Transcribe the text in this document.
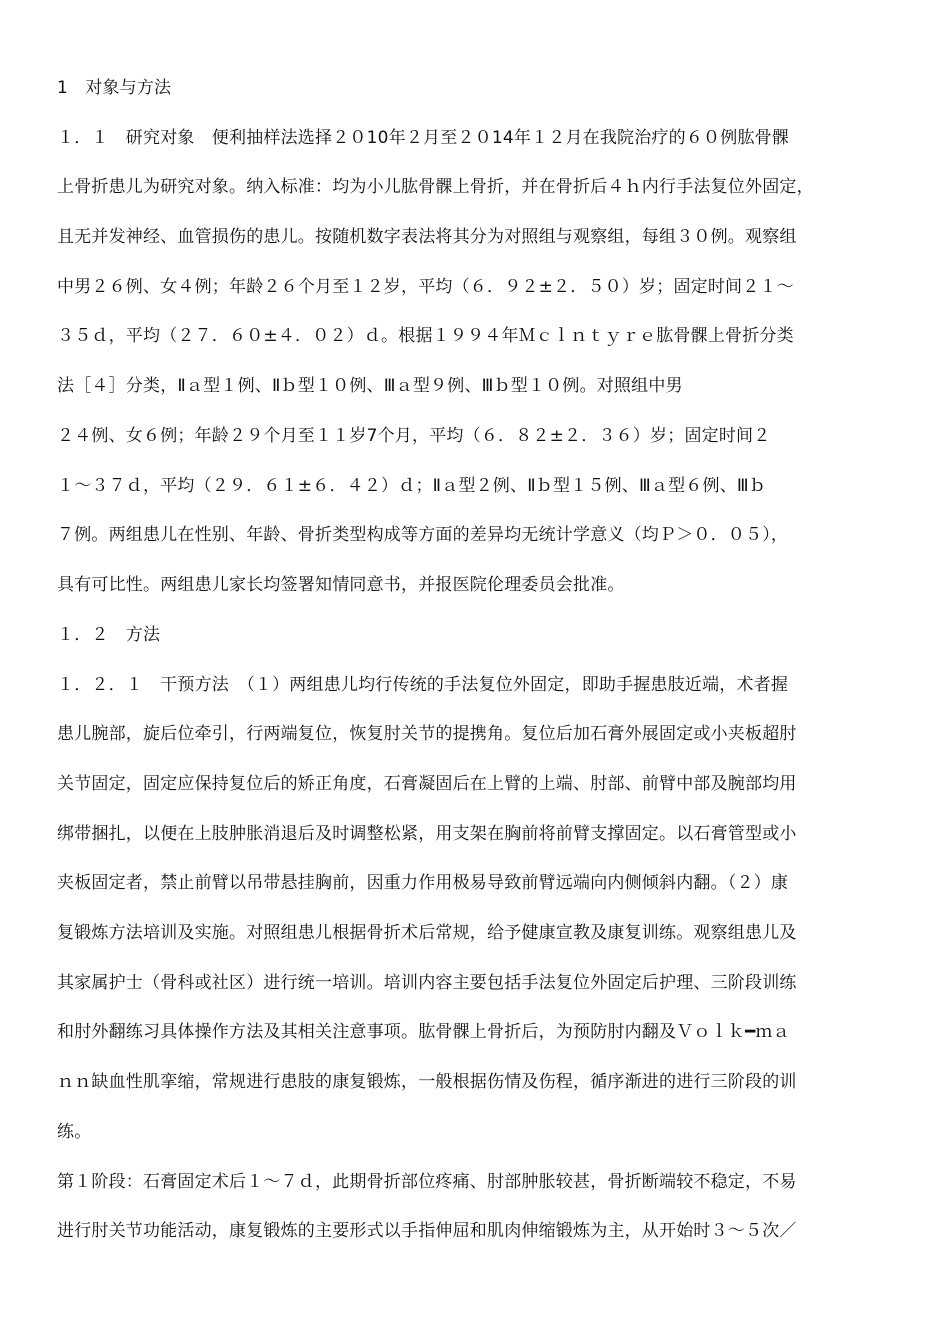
1　对象与方法
１．１　研究对象　便利抽样法选择２０10年２月至２０14年１２月在我院治疗的６０例肱骨髁
上骨折患儿为研究对象。纳入标准：均为小儿肱骨髁上骨折，并在骨折后４ｈ内行手法复位外固定，
且无并发神经、血管损伤的患儿。按随机数字表法将其分为对照组与观察组，每组３０例。观察组
中男２６例、女４例；年龄２６个月至１２岁，平均（６．９２±２．５０）岁；固定时间２１～
３５ｄ，平均（２７．６０±４．０２）ｄ。根据１９９４年Ｍｃｌｎｔｙｒｅ肱骨髁上骨折分类
法［４］分类，Ⅱａ型１例、Ⅱｂ型１０例、Ⅲａ型９例、Ⅲｂ型１０例。对照组中男
２４例、女６例；年龄２９个月至１１岁7个月，平均（６．８２±２．３６）岁；固定时间２
１～３７ｄ，平均（２９．６１±６．４２）ｄ；Ⅱａ型２例、Ⅱｂ型１５例、Ⅲａ型６例、Ⅲｂ
７例。两组患儿在性别、年龄、骨折类型构成等方面的差异均无统计学意义（均Ｐ＞０．０５），
具有可比性。两组患儿家长均签署知情同意书，并报医院伦理委员会批准。
１．２　方法
１．２．１　干预方法　（１）两组患儿均行传统的手法复位外固定，即助手握患肢近端，术者握
患儿腕部，旋后位牵引，行两端复位，恢复肘关节的提携角。复位后加石膏外展固定或小夹板超肘
关节固定，固定应保持复位后的矫正角度，石膏凝固后在上臂的上端、肘部、前臂中部及腕部均用
绑带捆扎，以便在上肢肿胀消退后及时调整松紧，用支架在胸前将前臂支撑固定。以石膏管型或小
夹板固定者，禁止前臂以吊带悬挂胸前，因重力作用极易导致前臂远端向内侧倾斜内翻。（２）康
复锻炼方法培训及实施。对照组患儿根据骨折术后常规，给予健康宣教及康复训练。观察组患儿及
其家属护士（骨科或社区）进行统一培训。培训内容主要包括手法复位外固定后护理、三阶段训练
和肘外翻练习具体操作方法及其相关注意事项。肱骨髁上骨折后，为预防肘内翻及Ｖｏｌｋ━ｍａ
ｎｎ缺血性肌挛缩，常规进行患肢的康复锻炼，一般根据伤情及伤程，循序渐进的进行三阶段的训
练。
第１阶段：石膏固定术后１～７ｄ，此期骨折部位疼痛、肘部肿胀较甚，骨折断端较不稳定，不易
进行肘关节功能活动，康复锻炼的主要形式以手指伸屈和肌肉伸缩锻炼为主，从开始时３～５次／
